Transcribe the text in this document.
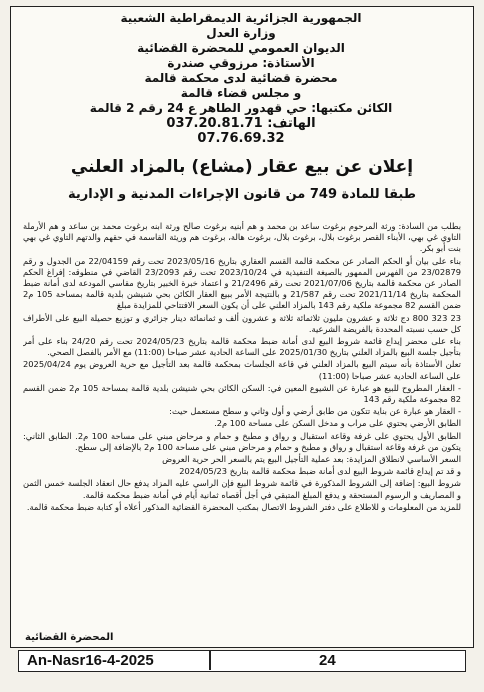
الجمهورية الجزائرية الديمقراطية الشعبية
وزارة العدل
الديوان العمومي للمحضرة القضائية
الأستاذة: مرزوقي صندرة
محضرة قضائية لدى محكمة قالمة
و مجلس قضاء قالمة
الكائن مكتبها: حي قهدور الطاهر ع 24 رقم 2 قالمة
الهاتف: 037.20.81.71
07.76.69.32
إعلان عن بيع عقار (مشاع) بالمزاد العلني
طبقا للمادة 749 من قانون الإجراءات المدنية و الإدارية

بطلب من السادة: ورثة المرحوم برغوت ساعد بن محمد و هم أبنيه برغوت صالح ورثة ابنه برغوت محمد بن ساعد و هم الأرملة التاوي غي بهي، الأبناء القصر برغوت بلال، برغوت بلال، برغوت هالة، برغوت هم وريثة القاسمة في حقهم والدتهم التاوي غي بهي بنت أبو بكر.

بناء على بيان أو الحكم الصادر عن محكمة قالمة القسم العقاري بتاريخ 2023/05/16 تحت رقم 22/04159 من الجدول و رقم 23/02879 من الفهرس الممهور بالصيغة التنفيذية في 2023/10/24 تحت رقم 23/2093 القاضي في منطوقه: إفراغ الحكم الصادر عن محكمة قالمة بتاريخ 2021/07/06 تحت رقم 21/2496 و اعتماد خبرة الخبير بتاريخ مقاسي المودعة لدى أمانة ضبط المحكمة بتاريخ 2021/11/14 تحت رقم 21/587 و بالنتيجة الأمر ببيع العقار الكائن بحي شنيشن بلدية قالمة بمساحة 105 م2 ضمن القسم 82 مجموعة ملكية رقم 143 بالمزاد العلني على أن يكون السعر الافتتاحي للمزايدة مبلغ

23 323 800 دج ثلاثة و عشرون مليون ثلاثمائة ثلاثة و عشرون ألف و ثمانمائة دينار جزائري و توزيع حصيلة البيع على الأطراف كل حسب نسبته المحددة بالفريضة الشرعية.

بناء على محضر إيداع قائمة شروط البيع لدى أمانة ضبط محكمة قالمة بتاريخ 2024/05/23 تحت رقم 24/20 بناء على أمر بتأجيل جلسة البيع بالمزاد العلني بتاريخ 2025/01/30 على الساعة الحادية عشر صباحا (11:00) مع الأمر بالفصل الصحي.

تعلن الأستاذة بأنه سيتم البيع بالمزاد العلني في قاعة الجلسات بمحكمة قالمة بعد التأجيل مع حرية العروض يوم 2025/04/24 على الساعة الحادية عشر صباحا (11:00)

- العقار المطروح للبيع هو عبارة عن الشيوع المعين في: السكن الكائن بحي شنيشن بلدية قالمة بمساحة 105 م2 ضمن القسم 82 مجموعة ملكية رقم 143

- العقار هو عبارة عن بناية تتكون من طابق أرضي و أول وثاني و سطح مستعمل حيث:

الطابق الأرضي يحتوي على مراب و مدخل السكن على مساحة 100 م2.

الطابق الأول يحتوي على غرفة وقاعة استقبال و رواق و مطبخ و حمام و مرحاض مبني على مساحة 100 م2. الطابق الثاني: يتكون من غرفة وقاعة استقبال و رواق و مطبخ و حمام و مرحاض مبني على مساحة 100 م2 بالإضافة إلى سطح.

السعر الأساسي لانطلاق المزايدة: بعد عملية التأجيل البيع يتم بالسعر الحر حرية العروض

و قد تم إيداع قائمة شروط البيع لدى أمانة ضبط محكمة قالمة بتاريخ 2024/05/23

شروط البيع: إضافة إلى الشروط المذكورة في قائمة شروط البيع فإن الراسي عليه المزاد يدفع حال انعقاد الجلسة خمس الثمن و المصاريف و الرسوم المستحقة و يدفع المبلغ المتبقي في أجل أقصاه ثمانية أيام في أمانة ضبط محكمة قالمة.

للمزيد من المعلومات و للاطلاع على دفتر الشروط الاتصال بمكتب المحضرة القضائية المذكور أعلاه أو كتابة ضبط محكمة قالمة.

المحضرة القضائية
An-Nasr16-4-2025	24
